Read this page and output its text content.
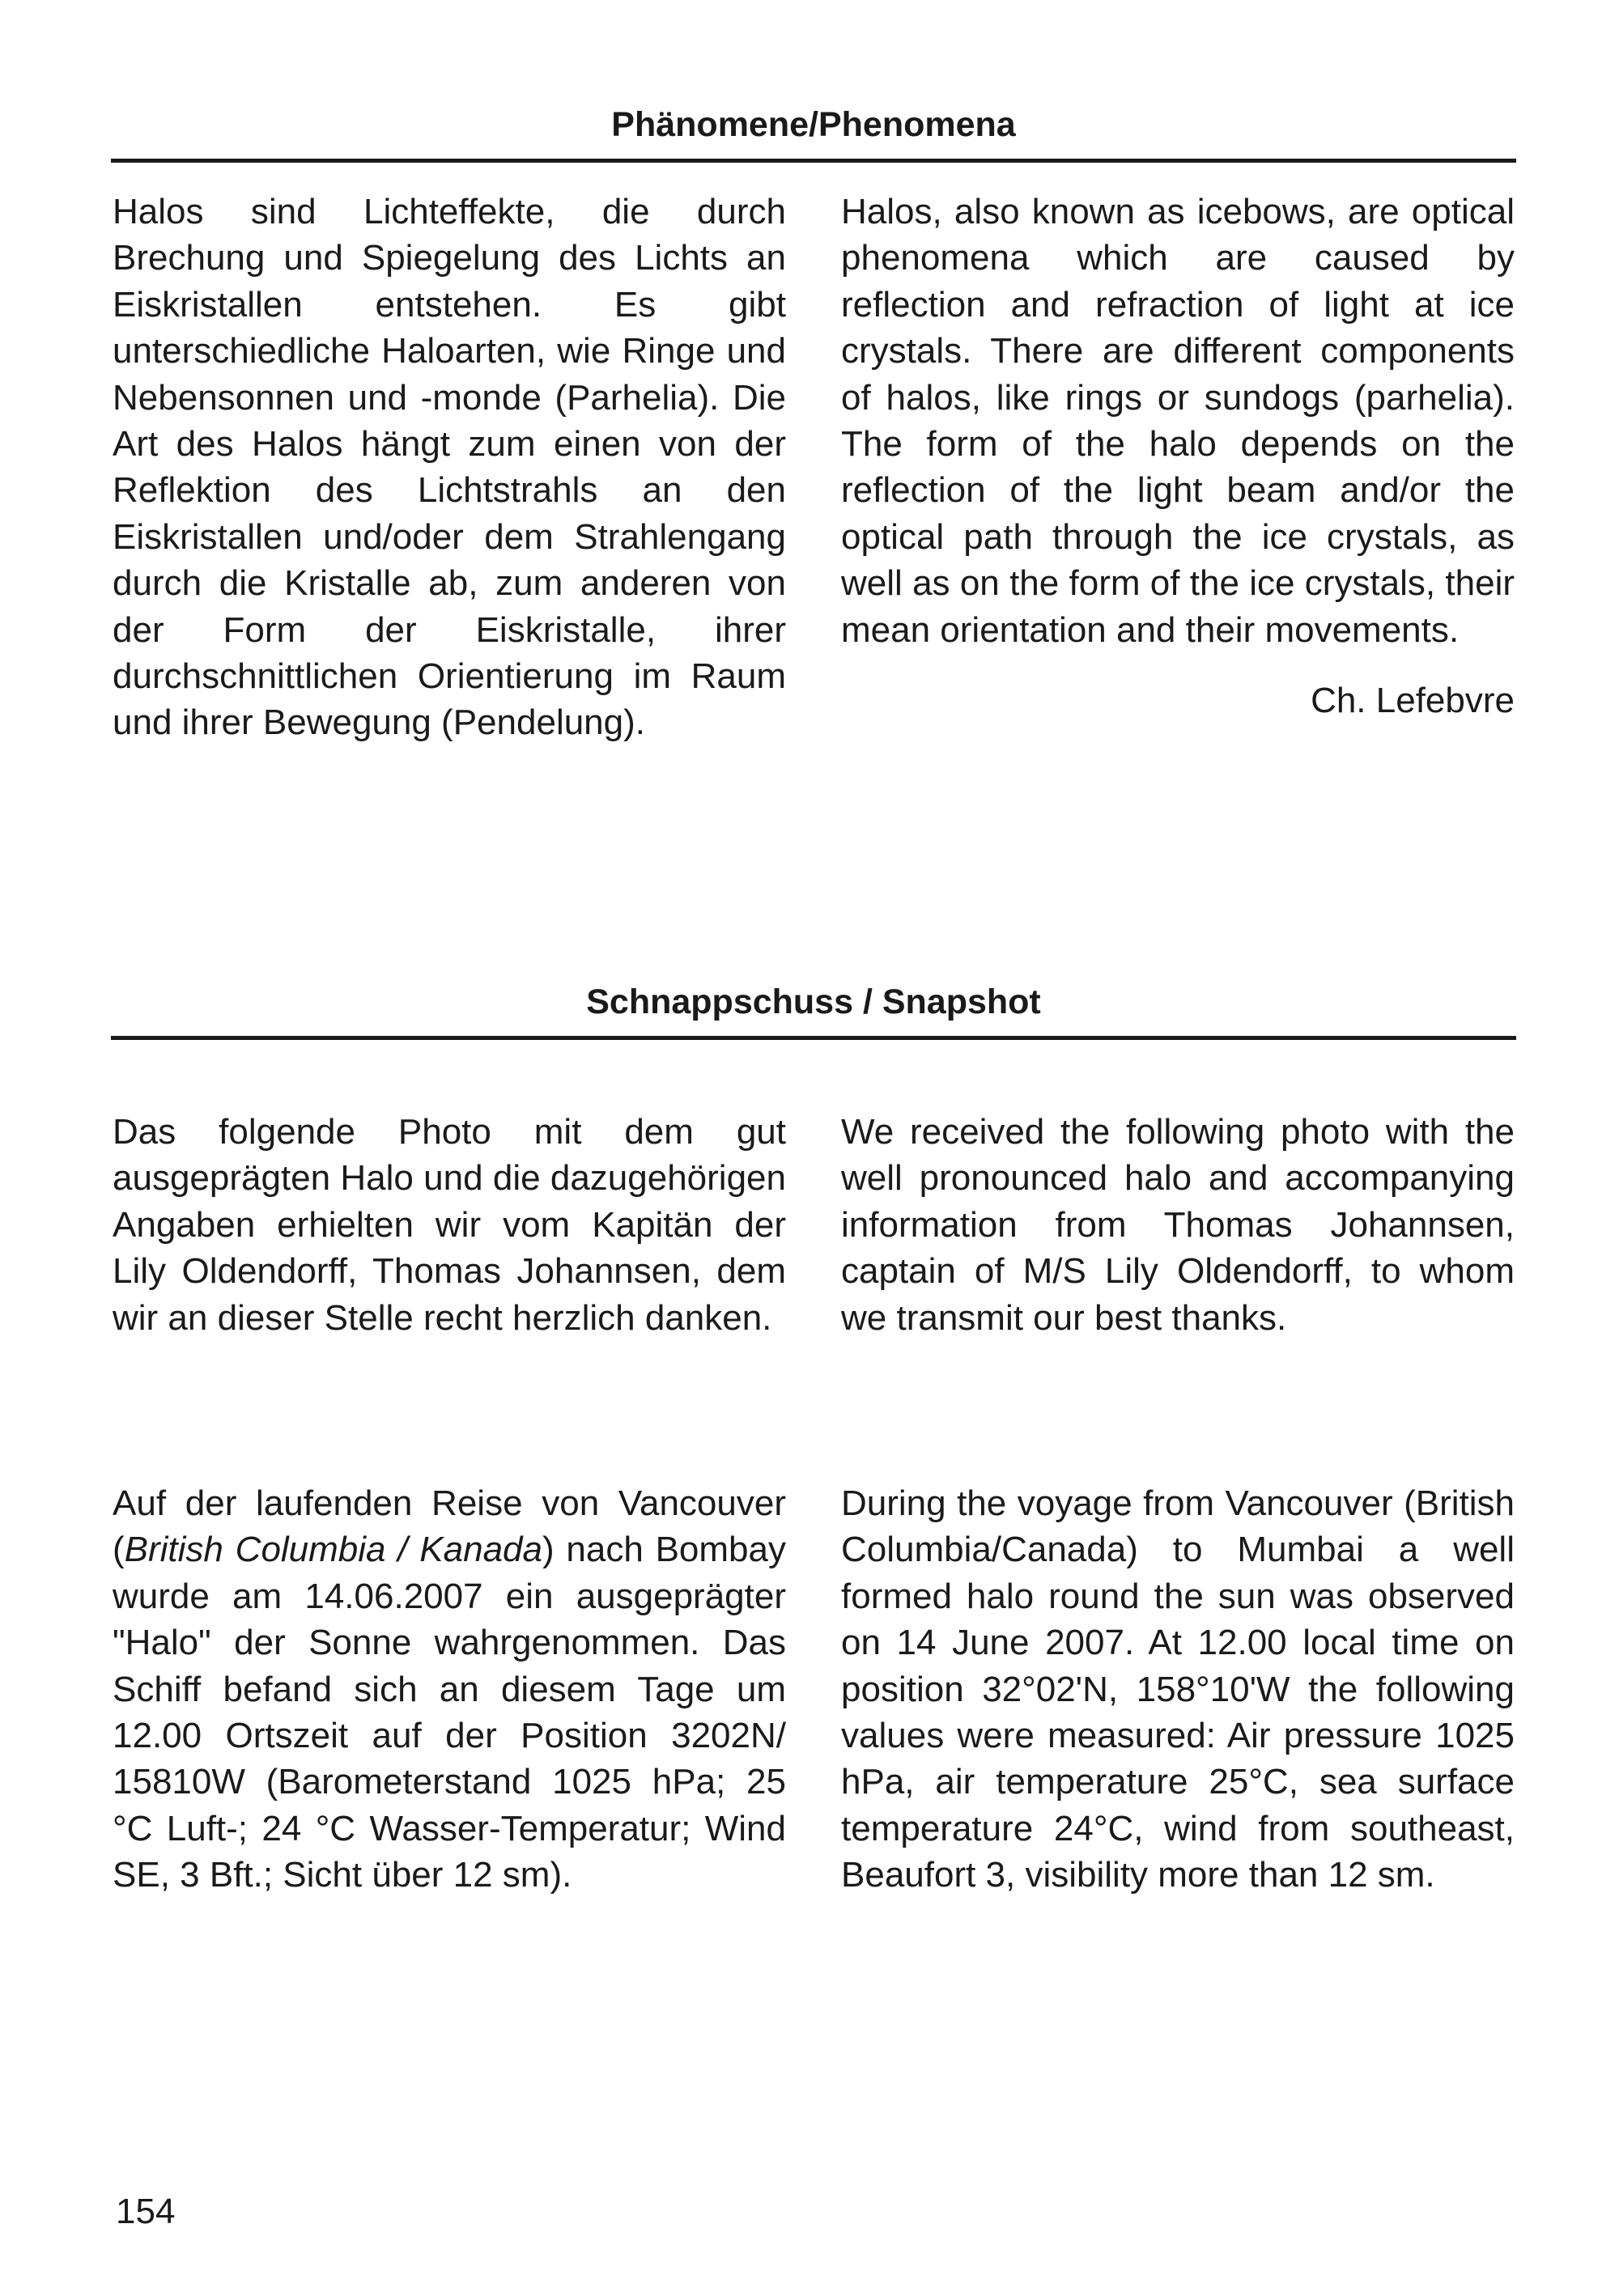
Phänomene/Phenomena

Halos sind Lichteffekte, die durch Brechung und Spiegelung des Lichts an Eiskristallen entstehen. Es gibt unterschiedliche Haloarten, wie Ringe und Nebensonnen und -monde (Parhelia). Die Art des Halos hängt zum einen von der Reflektion des Lichtstrahls an den Eiskristallen und/oder dem Strahlengang durch die Kristalle ab, zum anderen von der Form der Eiskristalle, ihrer durchschnittlichen Orientierung im Raum und ihrer Bewegung (Pendelung).

Halos, also known as icebows, are optical phenomena which are caused by reflection and refraction of light at ice crystals. There are different components of halos, like rings or sundogs (parhelia). The form of the halo depends on the reflection of the light beam and/or the optical path through the ice crystals, as well as on the form of the ice crystals, their mean orientation and their movements.

Ch. Lefebvre

Schnappschuss / Snapshot

Das folgende Photo mit dem gut ausgeprägten Halo und die dazugehörigen Angaben erhielten wir vom Kapitän der Lily Oldendorff, Thomas Johannsen, dem wir an dieser Stelle recht herzlich danken.

We received the following photo with the well pronounced halo and accompanying information from Thomas Johannsen, captain of M/S Lily Oldendorff, to whom we transmit our best thanks.

Auf der laufenden Reise von Vancouver (British Columbia / Kanada) nach Bombay wurde am 14.06.2007 ein ausgeprägter "Halo" der Sonne wahrgenommen. Das Schiff befand sich an diesem Tage um 12.00 Ortszeit auf der Position 3202N/ 15810W (Barometerstand 1025 hPa; 25 °C Luft-; 24 °C Wasser-Temperatur; Wind SE, 3 Bft.; Sicht über 12 sm).

During the voyage from Vancouver (British Columbia/Canada) to Mumbai a well formed halo round the sun was observed on 14 June 2007. At 12.00 local time on position 32°02'N, 158°10'W the following values were measured: Air pressure 1025 hPa, air temperature 25°C, sea surface temperature 24°C, wind from southeast, Beaufort 3, visibility more than 12 sm.

154
